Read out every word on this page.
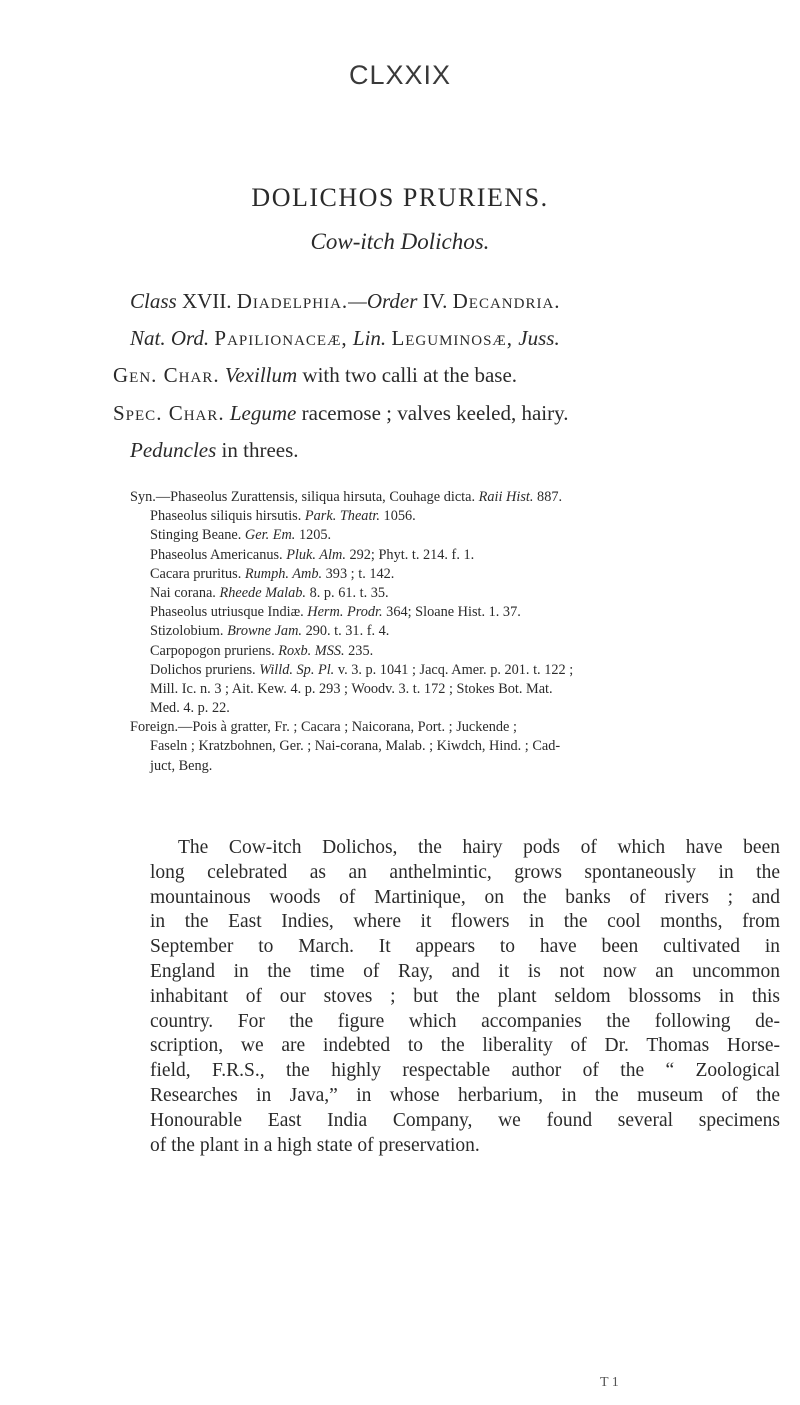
CLXXIX
DOLICHOS PRURIENS.
Cow-itch Dolichos.
Class XVII. Diadelphia.—Order IV. Decandria.
Nat. Ord. Papilionaceæ, Lin. Leguminosæ, Juss.
Gen. Char. Vexillum with two calli at the base.
Spec. Char. Legume racemose ; valves keeled, hairy.
Peduncles in threes.
Syn.—Phaseolus Zurattensis, siliqua hirsuta, Couhage dicta. Raii Hist. 887.
Phaseolus siliquis hirsutis. Park. Theatr. 1056.
Stinging Beane. Ger. Em. 1205.
Phaseolus Americanus. Pluk. Alm. 292; Phyt. t. 214. f. 1.
Cacara pruritus. Rumph. Amb. 393 ; t. 142.
Nai corana. Rheede Malab. 8. p. 61. t. 35.
Phaseolus utriusque Indiæ. Herm. Prodr. 364; Sloane Hist. 1. 37.
Stizolobium. Browne Jam. 290. t. 31. f. 4.
Carpopogon pruriens. Roxb. MSS. 235.
Dolichos pruriens. Willd. Sp. Pl. v. 3. p. 1041 ; Jacq. Amer. p. 201. t. 122 ;
Mill. Ic. n. 3 ; Ait. Kew. 4. p. 293 ; Woodv. 3. t. 172 ; Stokes Bot. Mat.
Med. 4. p. 22.
Foreign.—Pois à gratter, Fr. ; Cacara ; Naicorana, Port. ; Juckende ;
Faseln ; Kratzbohnen, Ger. ; Nai-corana, Malab. ; Kiwdch, Hind. ; Cad-
juct, Beng.
The Cow-itch Dolichos, the hairy pods of which have been
long celebrated as an anthelmintic, grows spontaneously in the
mountainous woods of Martinique, on the banks of rivers ; and
in the East Indies, where it flowers in the cool months, from
September to March. It appears to have been cultivated in
England in the time of Ray, and it is not now an uncommon
inhabitant of our stoves ; but the plant seldom blossoms in this
country. For the figure which accompanies the following de-
scription, we are indebted to the liberality of Dr. Thomas Horse-
field, F.R.S., the highly respectable author of the “ Zoological
Researches in Java,” in whose herbarium, in the museum of the
Honourable East India Company, we found several specimens
of the plant in a high state of preservation.
T 1
